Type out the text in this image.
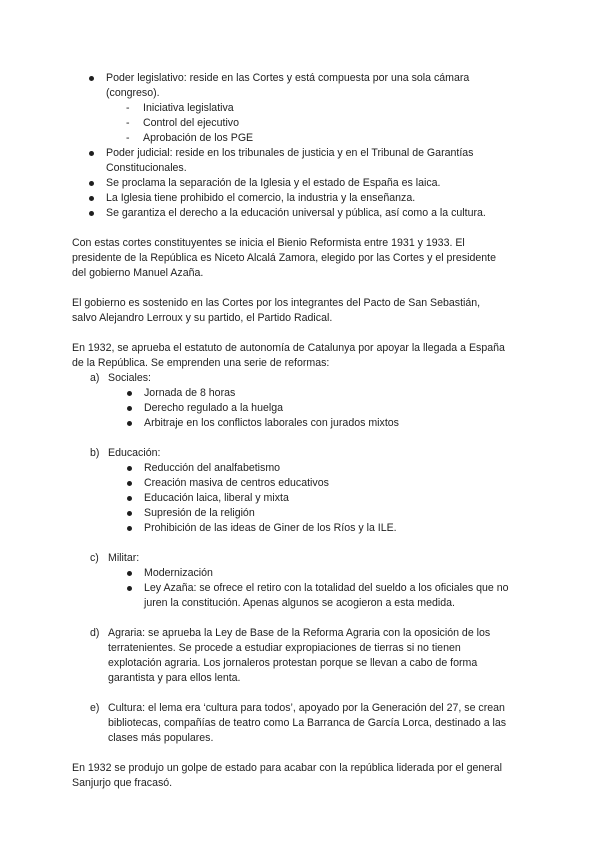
Poder legislativo: reside en las Cortes y está compuesta por una sola cámara
(congreso).
- Iniciativa legislativa
- Control del ejecutivo
- Aprobación de los PGE
Poder judicial: reside en los tribunales de justicia y en el Tribunal de Garantías
Constitucionales.
Se proclama la separación de la Iglesia y el estado de España es laica.
La Iglesia tiene prohibido el comercio, la industria y la enseñanza.
Se garantiza el derecho a la educación universal y pública, así como a la cultura.
Con estas cortes constituyentes se inicia el Bienio Reformista entre 1931 y 1933. El
presidente de la República es Niceto Alcalá Zamora, elegido por las Cortes y el presidente
del gobierno Manuel Azaña.
El gobierno es sostenido en las Cortes por los integrantes del Pacto de San Sebastián,
salvo Alejandro Lerroux y su partido, el Partido Radical.
En 1932, se aprueba el estatuto de autonomía de Catalunya por apoyar la llegada a España
de la República. Se emprenden una serie de reformas:
a) Sociales:
Jornada de 8 horas
Derecho regulado a la huelga
Arbitraje en los conflictos laborales con jurados mixtos
b) Educación:
Reducción del analfabetismo
Creación masiva de centros educativos
Educación laica, liberal y mixta
Supresión de la religión
Prohibición de las ideas de Giner de los Ríos y la ILE.
c) Militar:
Modernización
Ley Azaña: se ofrece el retiro con la totalidad del sueldo a los oficiales que no
juren la constitución. Apenas algunos se acogieron a esta medida.
d) Agraria: se aprueba la Ley de Base de la Reforma Agraria con la oposición de los
terratenientes. Se procede a estudiar expropiaciones de tierras si no tienen
explotación agraria. Los jornaleros protestan porque se llevan a cabo de forma
garantista y para ellos lenta.
e) Cultura: el lema era ‘cultura para todos’, apoyado por la Generación del 27, se crean
bibliotecas, compañías de teatro como La Barranca de García Lorca, destinado a las
clases más populares.
En 1932 se produjo un golpe de estado para acabar con la república liderada por el general
Sanjurjo que fracasó.
